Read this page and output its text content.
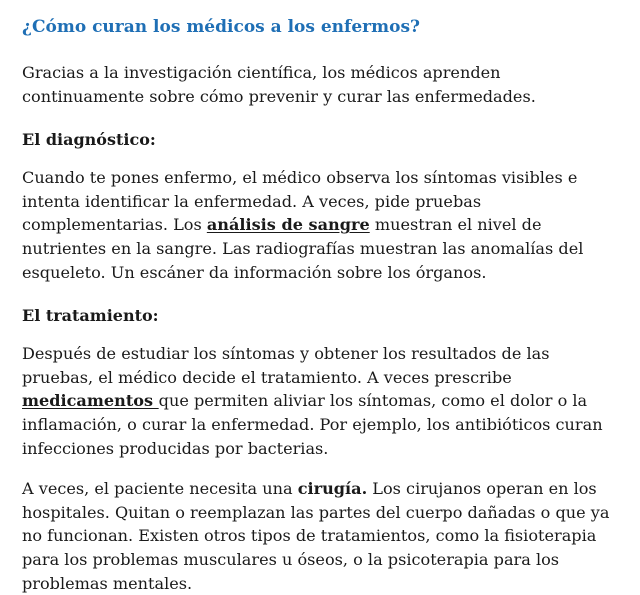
¿Cómo curan los médicos a los enfermos?

Gracias a la investigación científica, los médicos aprenden
continuamente sobre cómo prevenir y curar las enfermedades.

El diagnóstico:

Cuando te pones enfermo, el médico observa los síntomas visibles e
intenta identificar la enfermedad. A veces, pide pruebas
complementarias. Los análisis de sangre muestran el nivel de
nutrientes en la sangre. Las radiografías muestran las anomalías del
esqueleto. Un escáner da información sobre los órganos.

El tratamiento:

Después de estudiar los síntomas y obtener los resultados de las
pruebas, el médico decide el tratamiento. A veces prescribe
medicamentos que permiten aliviar los síntomas, como el dolor o la
inflamación, o curar la enfermedad. Por ejemplo, los antibióticos curan
infecciones producidas por bacterias.

A veces, el paciente necesita una cirugía. Los cirujanos operan en los
hospitales. Quitan o reemplazan las partes del cuerpo dañadas o que ya
no funcionan. Existen otros tipos de tratamientos, como la fisioterapia
para los problemas musculares u óseos, o la psicoterapia para los
problemas mentales.
